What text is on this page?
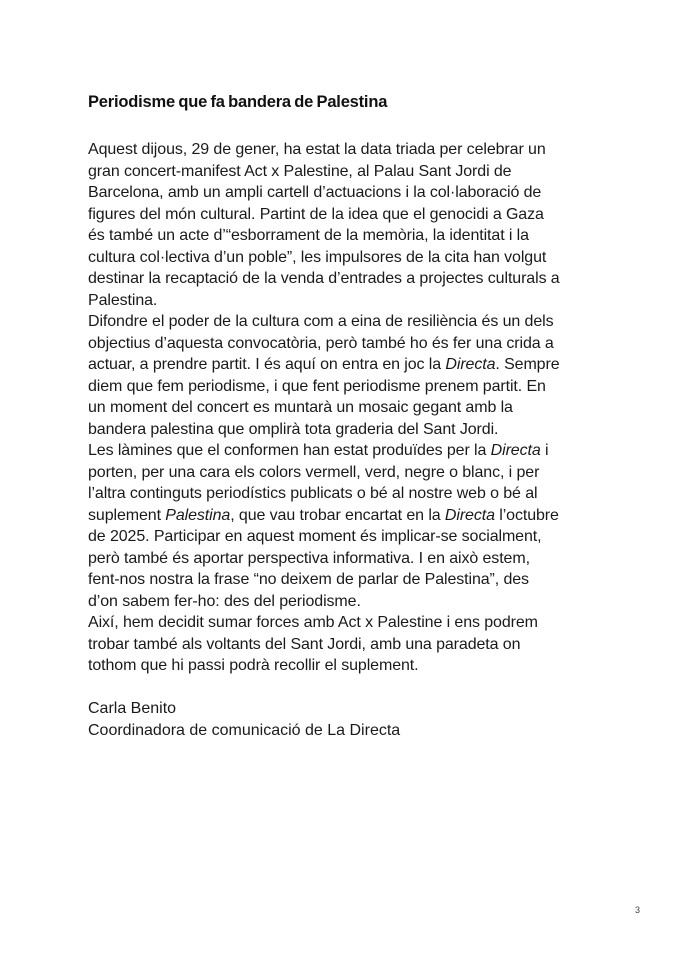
Periodisme que fa bandera de Palestina

Aquest dijous, 29 de gener, ha estat la data triada per celebrar un gran concert-manifest Act x Palestine, al Palau Sant Jordi de Barcelona, amb un ampli cartell d’actuacions i la col·laboració de figures del món cultural. Partint de la idea que el genocidi a Gaza és també un acte d’“esborrament de la memòria, la identitat i la cultura col·lectiva d’un poble”, les impulsores de la cita han volgut destinar la recaptació de la venda d’entrades a projectes culturals a Palestina.

Difondre el poder de la cultura com a eina de resiliència és un dels objectius d’aquesta convocatòria, però també ho és fer una crida a actuar, a prendre partit. I és aquí on entra en joc la Directa. Sempre diem que fem periodisme, i que fent periodisme prenem partit. En un moment del concert es muntarà un mosaic gegant amb la bandera palestina que omplirà tota graderia del Sant Jordi.

Les làmines que el conformen han estat produïdes per la Directa i porten, per una cara els colors vermell, verd, negre o blanc, i per l’altra continguts periodístics publicats o bé al nostre web o bé al suplement Palestina, que vau trobar encartat en la Directa l’octubre de 2025. Participar en aquest moment és implicar-se socialment, però també és aportar perspectiva informativa. I en això estem, fent-nos nostra la frase “no deixem de parlar de Palestina”, des d’on sabem fer-ho: des del periodisme.

Així, hem decidit sumar forces amb Act x Palestine i ens podrem trobar també als voltants del Sant Jordi, amb una paradeta on tothom que hi passi podrà recollir el suplement.

Carla Benito
Coordinadora de comunicació de La Directa
3
